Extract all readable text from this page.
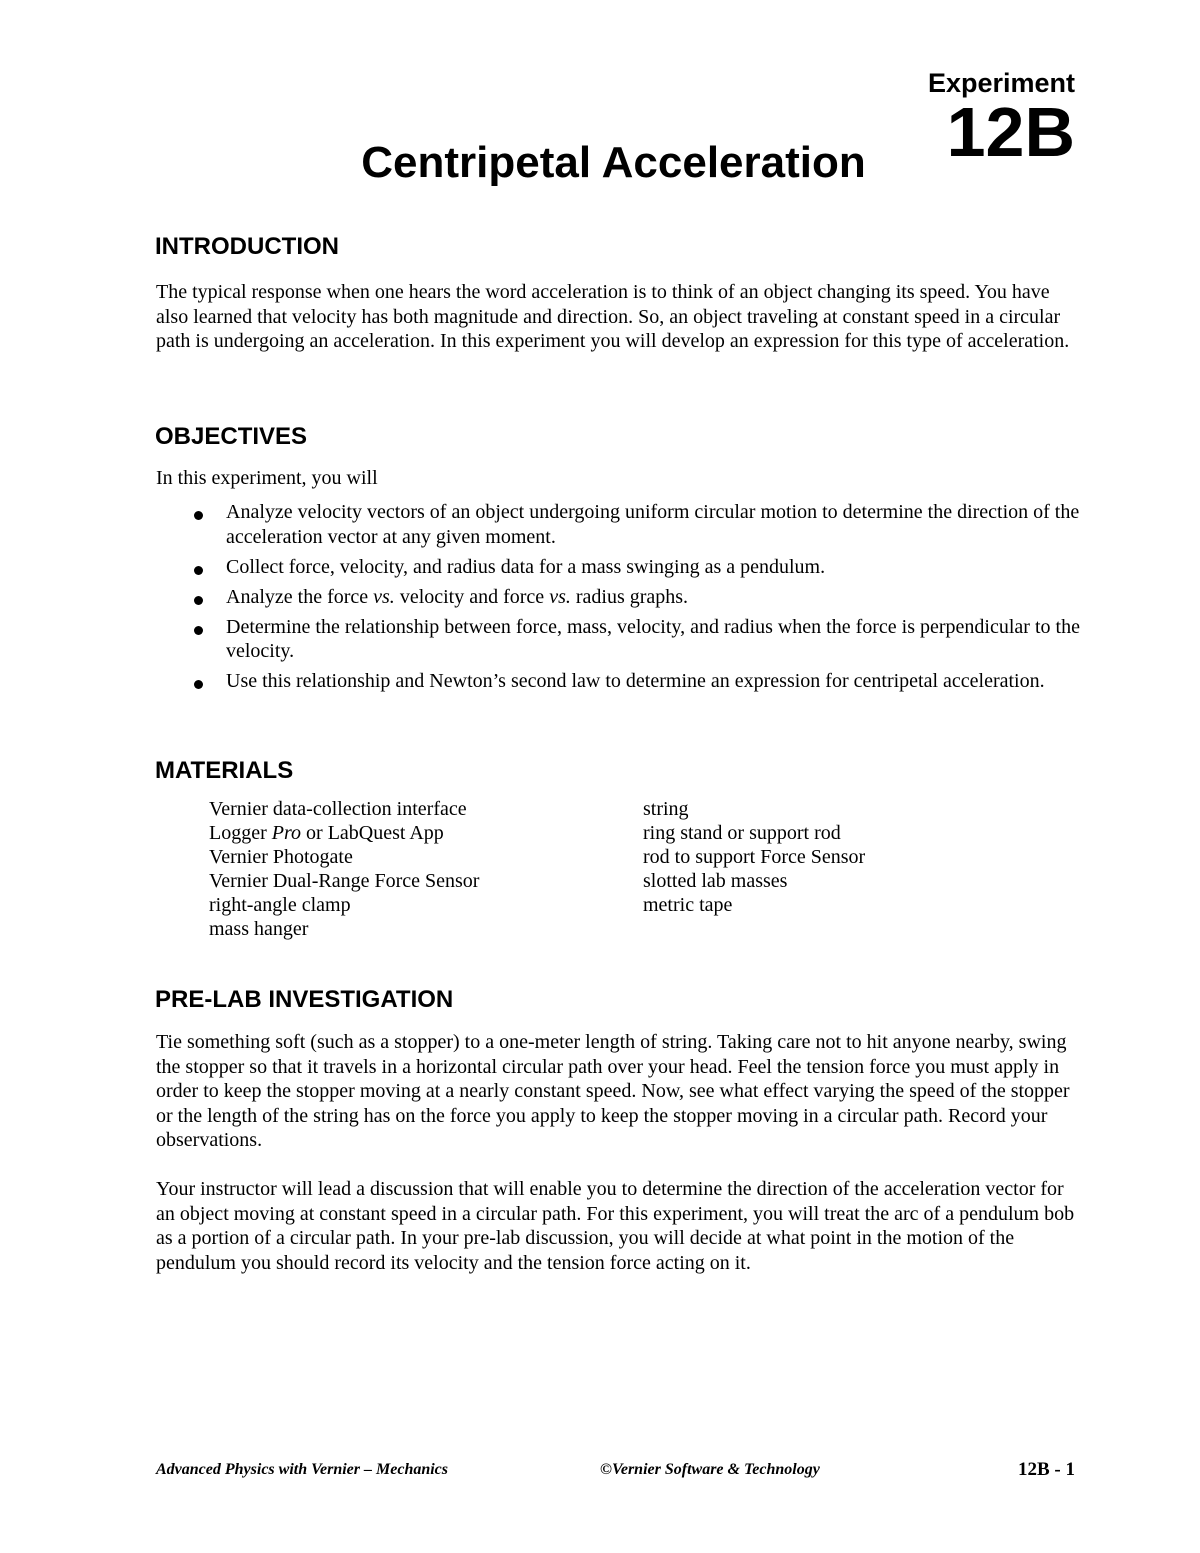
Experiment
12B
Centripetal Acceleration
INTRODUCTION

The typical response when one hears the word acceleration is to think of an object changing its speed. You have also learned that velocity has both magnitude and direction. So, an object traveling at constant speed in a circular path is undergoing an acceleration. In this experiment you will develop an expression for this type of acceleration.

OBJECTIVES

In this experiment, you will

Analyze velocity vectors of an object undergoing uniform circular motion to determine the direction of the acceleration vector at any given moment.
Collect force, velocity, and radius data for a mass swinging as a pendulum.
Analyze the force vs. velocity and force vs. radius graphs.
Determine the relationship between force, mass, velocity, and radius when the force is perpendicular to the velocity.
Use this relationship and Newton’s second law to determine an expression for centripetal acceleration.
MATERIALS
Vernier data-collection interface
Logger Pro or LabQuest App
Vernier Photogate
Vernier Dual-Range Force Sensor
right-angle clamp
mass hanger
string
ring stand or support rod
rod to support Force Sensor
slotted lab masses
metric tape
PRE-LAB INVESTIGATION

Tie something soft (such as a stopper) to a one-meter length of string. Taking care not to hit anyone nearby, swing the stopper so that it travels in a horizontal circular path over your head. Feel the tension force you must apply in order to keep the stopper moving at a nearly constant speed. Now, see what effect varying the speed of the stopper or the length of the string has on the force you apply to keep the stopper moving in a circular path. Record your observations.

Your instructor will lead a discussion that will enable you to determine the direction of the acceleration vector for an object moving at constant speed in a circular path. For this experiment, you will treat the arc of a pendulum bob as a portion of a circular path. In your pre-lab discussion, you will decide at what point in the motion of the pendulum you should record its velocity and the tension force acting on it.

Advanced Physics with Vernier – Mechanics	©Vernier Software & Technology	12B - 1
